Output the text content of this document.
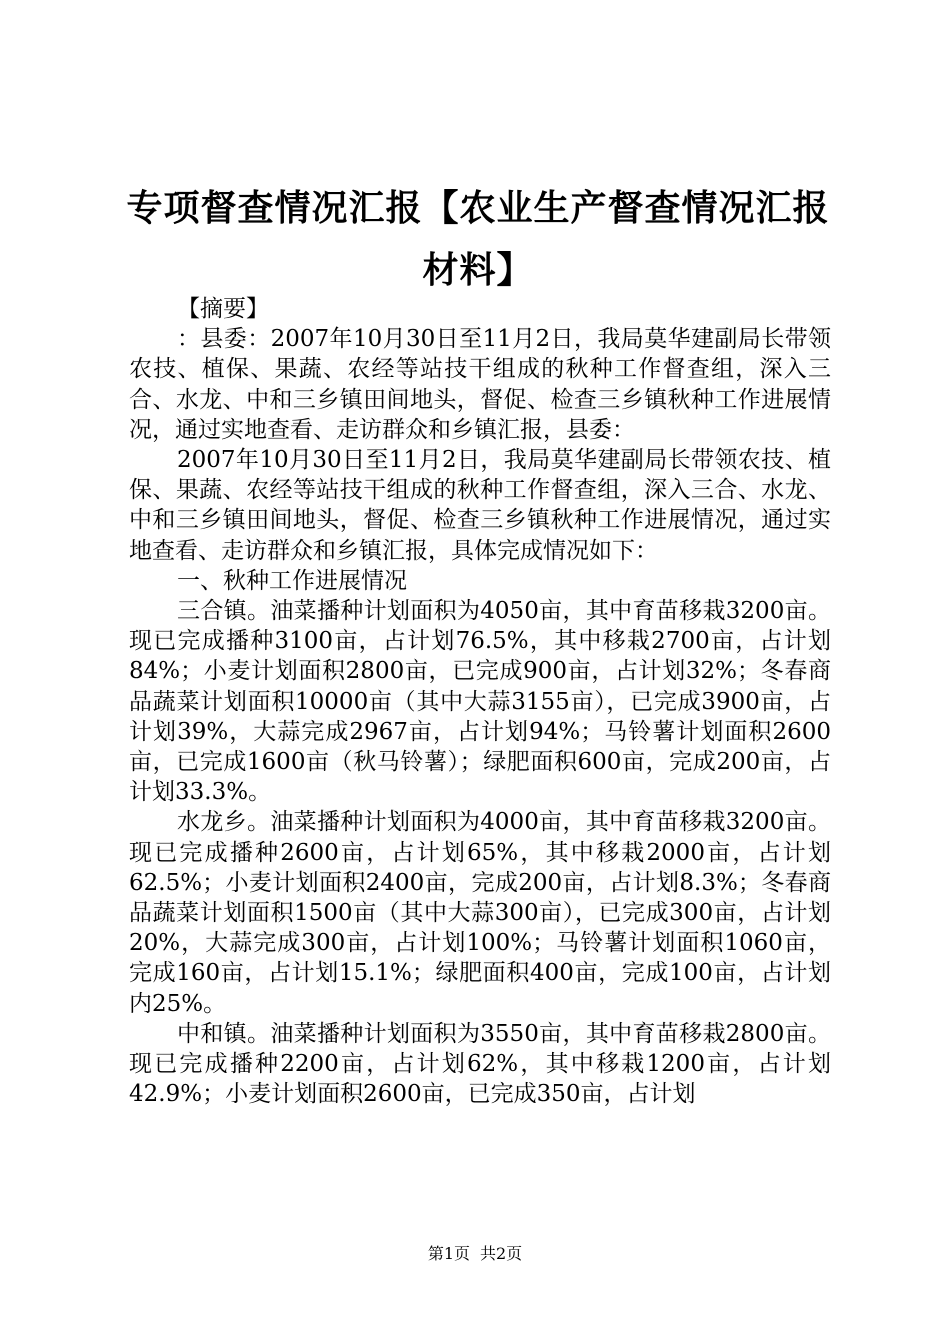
专项督查情况汇报【农业生产督查情况汇报材料】

【摘要】

：县委：2007年10月30日至11月2日，我局莫华建副局长带领农技、植保、果蔬、农经等站技干组成的秋种工作督查组，深入三合、水龙、中和三乡镇田间地头，督促、检查三乡镇秋种工作进展情况，通过实地查看、走访群众和乡镇汇报，县委：

2007年10月30日至11月2日，我局莫华建副局长带领农技、植保、果蔬、农经等站技干组成的秋种工作督查组，深入三合、水龙、中和三乡镇田间地头，督促、检查三乡镇秋种工作进展情况，通过实地查看、走访群众和乡镇汇报，具体完成情况如下：

一、秋种工作进展情况

三合镇。油菜播种计划面积为4050亩，其中育苗移栽3200亩。现已完成播种3100亩，占计划76.5%，其中移栽2700亩，占计划84%；小麦计划面积2800亩，已完成900亩，占计划32%；冬春商品蔬菜计划面积10000亩（其中大蒜3155亩），已完成3900亩，占计划39%，大蒜完成2967亩，占计划94%；马铃薯计划面积2600亩，已完成1600亩（秋马铃薯）；绿肥面积600亩，完成200亩，占计划33.3%。

水龙乡。油菜播种计划面积为4000亩，其中育苗移栽3200亩。现已完成播种2600亩，占计划65%，其中移栽2000亩，占计划62.5%；小麦计划面积2400亩，完成200亩，占计划8.3%；冬春商品蔬菜计划面积1500亩（其中大蒜300亩），已完成300亩，占计划20%，大蒜完成300亩，占计划100%；马铃薯计划面积1060亩，完成160亩，占计划15.1%；绿肥面积400亩，完成100亩，占计划内25%。

中和镇。油菜播种计划面积为3550亩，其中育苗移栽2800亩。现已完成播种2200亩，占计划62%，其中移栽1200亩，占计划42.9%；小麦计划面积2600亩，已完成350亩，占计划

第1页 共2页
